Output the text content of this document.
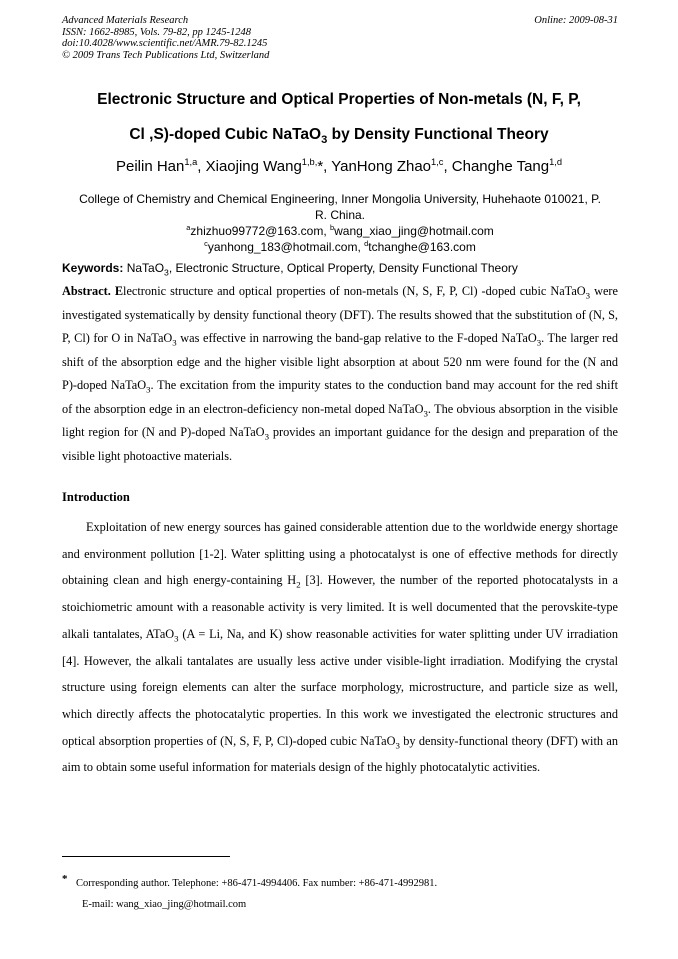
Advanced Materials Research
ISSN: 1662-8985, Vols. 79-82, pp 1245-1248
doi:10.4028/www.scientific.net/AMR.79-82.1245
© 2009 Trans Tech Publications Ltd, Switzerland
Online: 2009-08-31
Electronic Structure and Optical Properties of Non-metals (N, F, P,
Cl ,S)-doped Cubic NaTaO$_3$ by Density Functional Theory
Peilin Han$^{1,a}$, Xiaojing Wang$^{1,b,}$*, YanHong Zhao$^{1,c}$, Changhe Tang$^{1,d}$
College of Chemistry and Chemical Engineering, Inner Mongolia University, Huhehaote 010021, P.
R. China.
$^a$zhizhuo99772@163.com, $^b$wang_xiao_jing@hotmail.com
$^c$yanhong_183@hotmail.com, $^d$tchanghe@163.com
Keywords: NaTaO$_3$, Electronic Structure, Optical Property, Density Functional Theory
Abstract. Electronic structure and optical properties of non-metals (N, S, F, P, Cl) -doped cubic NaTaO$_3$ were investigated systematically by density functional theory (DFT). The results showed that the substitution of (N, S, P, Cl) for O in NaTaO$_3$ was effective in narrowing the band-gap relative to the F-doped NaTaO$_3$. The larger red shift of the absorption edge and the higher visible light absorption at about 520 nm were found for the (N and P)-doped NaTaO$_3$. The excitation from the impurity states to the conduction band may account for the red shift of the absorption edge in an electron-deficiency non-metal doped NaTaO$_3$. The obvious absorption in the visible light region for (N and P)-doped NaTaO$_3$ provides an important guidance for the design and preparation of the visible light photoactive materials.
Introduction
Exploitation of new energy sources has gained considerable attention due to the worldwide energy shortage and environment pollution [1-2]. Water splitting using a photocatalyst is one of effective methods for directly obtaining clean and high energy-containing $H_2$ [3]. However, the number of the reported photocatalysts in a stoichiometric amount with a reasonable activity is very limited. It is well documented that the perovskite-type alkali tantalates, ATaO$_3$ (A = Li, Na, and K) show reasonable activities for water splitting under UV irradiation [4]. However, the alkali tantalates are usually less active under visible-light irradiation. Modifying the crystal structure using foreign elements can alter the surface morphology, microstructure, and particle size as well, which directly affects the photocatalytic properties. In this work we investigated the electronic structures and optical absorption properties of (N, S, F, P, Cl)-doped cubic NaTaO$_3$ by density-functional theory (DFT) with an aim to obtain some useful information for materials design of the highly photocatalytic activities.
* Corresponding author. Telephone: +86-471-4994406. Fax number: +86-471-4992981.
E-mail: wang_xiao_jing@hotmail.com
